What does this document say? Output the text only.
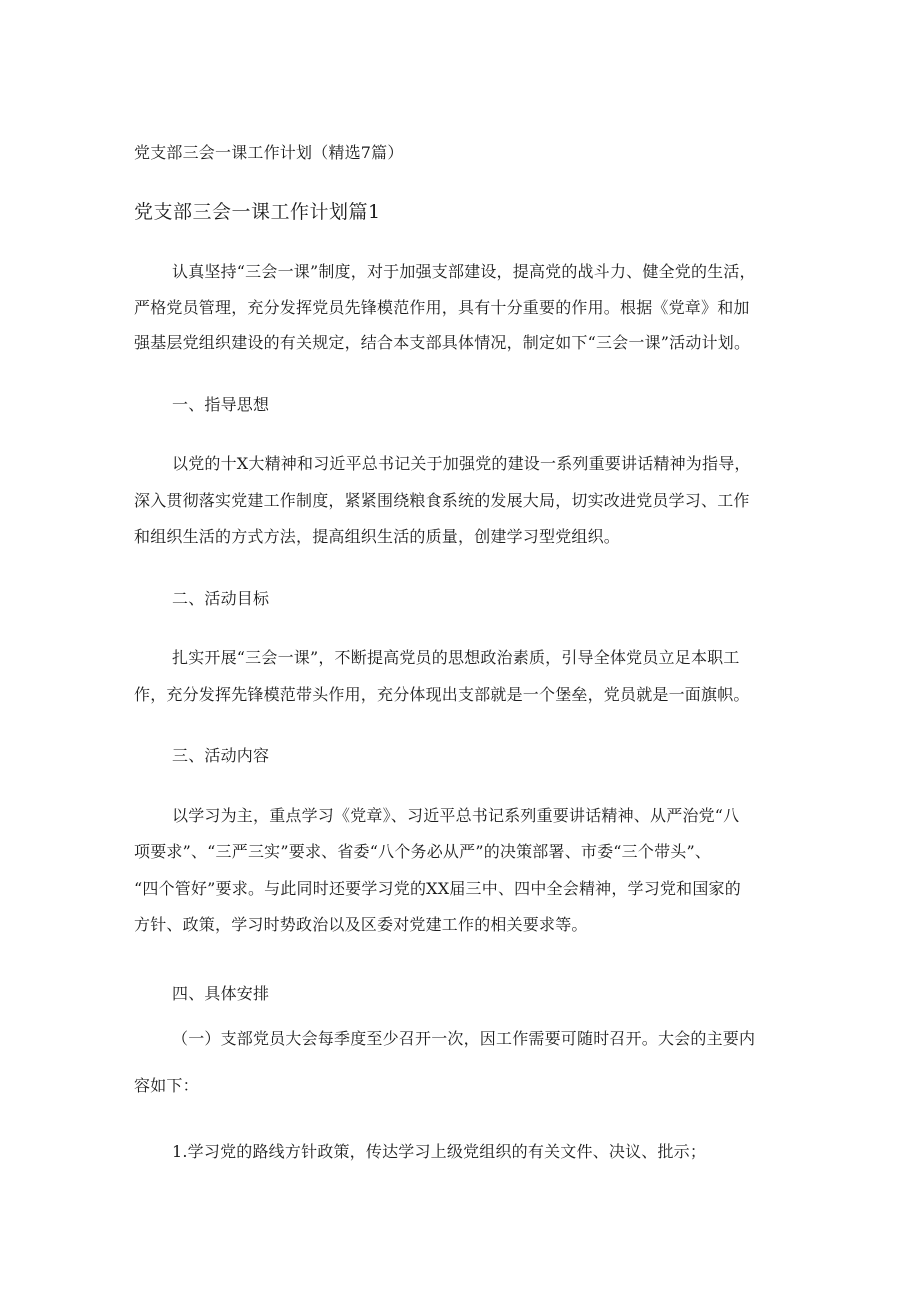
党支部三会一课工作计划（精选7篇）
党支部三会一课工作计划篇1
认真坚持“三会一课”制度，对于加强支部建设，提高党的战斗力、健全党的生活，
严格党员管理，充分发挥党员先锋模范作用，具有十分重要的作用。根据《党章》和加
强基层党组织建设的有关规定，结合本支部具体情况，制定如下“三会一课”活动计划。
一、指导思想
以党的十Ⅹ大精神和习近平总书记关于加强党的建设一系列重要讲话精神为指导，
深入贯彻落实党建工作制度，紧紧围绕粮食系统的发展大局，切实改进党员学习、工作
和组织生活的方式方法，提高组织生活的质量，创建学习型党组织。
二、活动目标
扎实开展“三会一课”，不断提高党员的思想政治素质，引导全体党员立足本职工
作，充分发挥先锋模范带头作用，充分体现出支部就是一个堡垒，党员就是一面旗帜。
三、活动内容
以学习为主，重点学习《党章》、习近平总书记系列重要讲话精神、从严治党“八
项要求”、“三严三实”要求、省委“八个务必从严”的决策部署、市委“三个带头”、
“四个管好”要求。与此同时还要学习党的XX届三中、四中全会精神，学习党和国家的
方针、政策，学习时势政治以及区委对党建工作的相关要求等。
四、具体安排
（一）支部党员大会每季度至少召开一次，因工作需要可随时召开。大会的主要内
容如下：
1.学习党的路线方针政策，传达学习上级党组织的有关文件、决议、批示；
